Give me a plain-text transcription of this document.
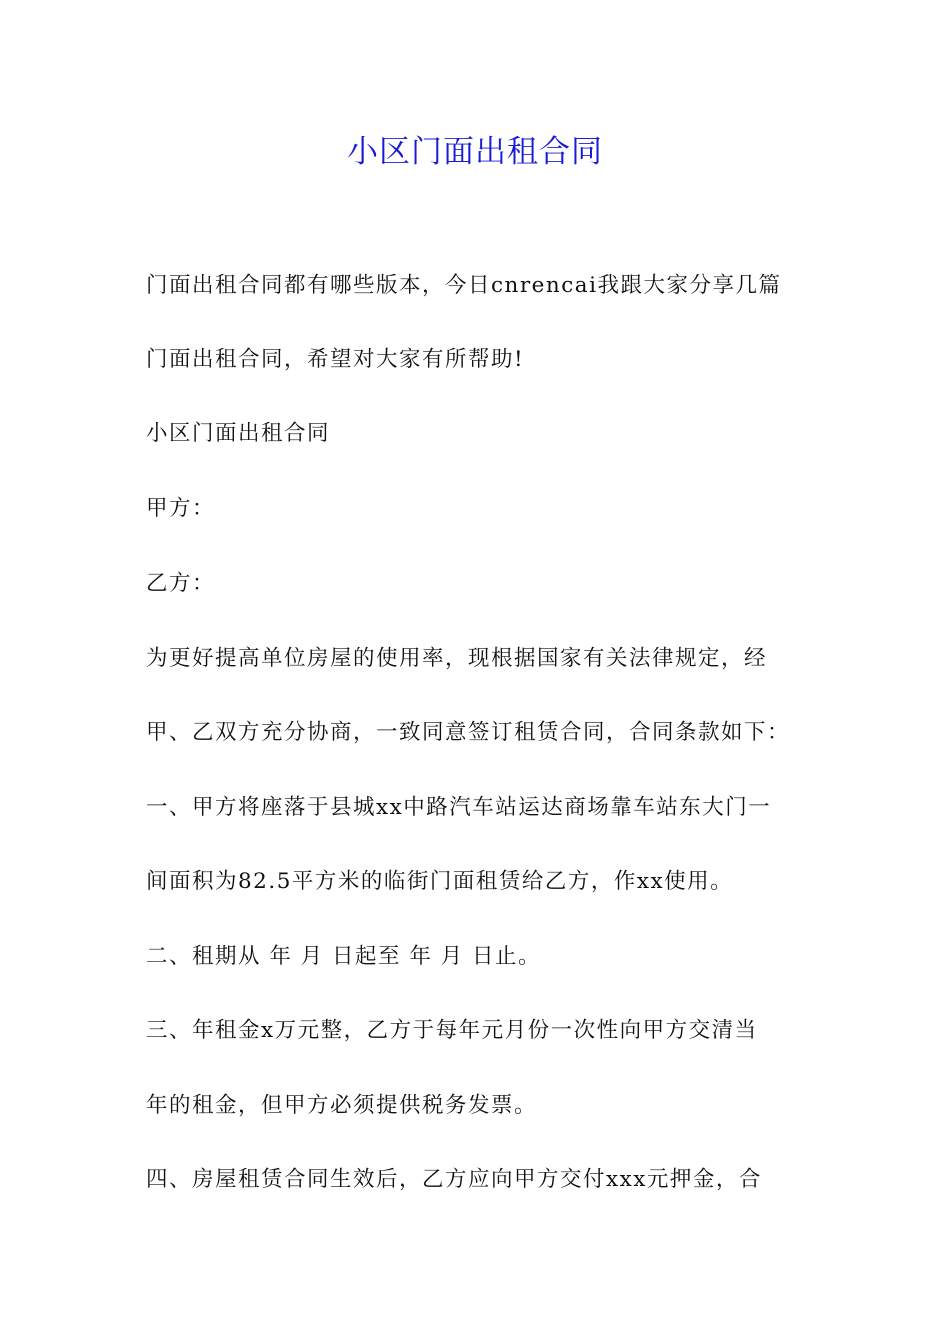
小区门面出租合同
门面出租合同都有哪些版本，今日cnrencai我跟大家分享几篇
门面出租合同，希望对大家有所帮助!
小区门面出租合同
甲方：
乙方：
为更好提高单位房屋的使用率，现根据国家有关法律规定，经
甲、乙双方充分协商，一致同意签订租赁合同，合同条款如下：
一、甲方将座落于县城xx中路汽车站运达商场靠车站东大门一
间面积为82.5平方米的临街门面租赁给乙方，作xx使用。
二、租期从 年 月 日起至 年 月 日止。
三、年租金x万元整，乙方于每年元月份一次性向甲方交清当
年的租金，但甲方必须提供税务发票。
四、房屋租赁合同生效后，乙方应向甲方交付xxx元押金，合
